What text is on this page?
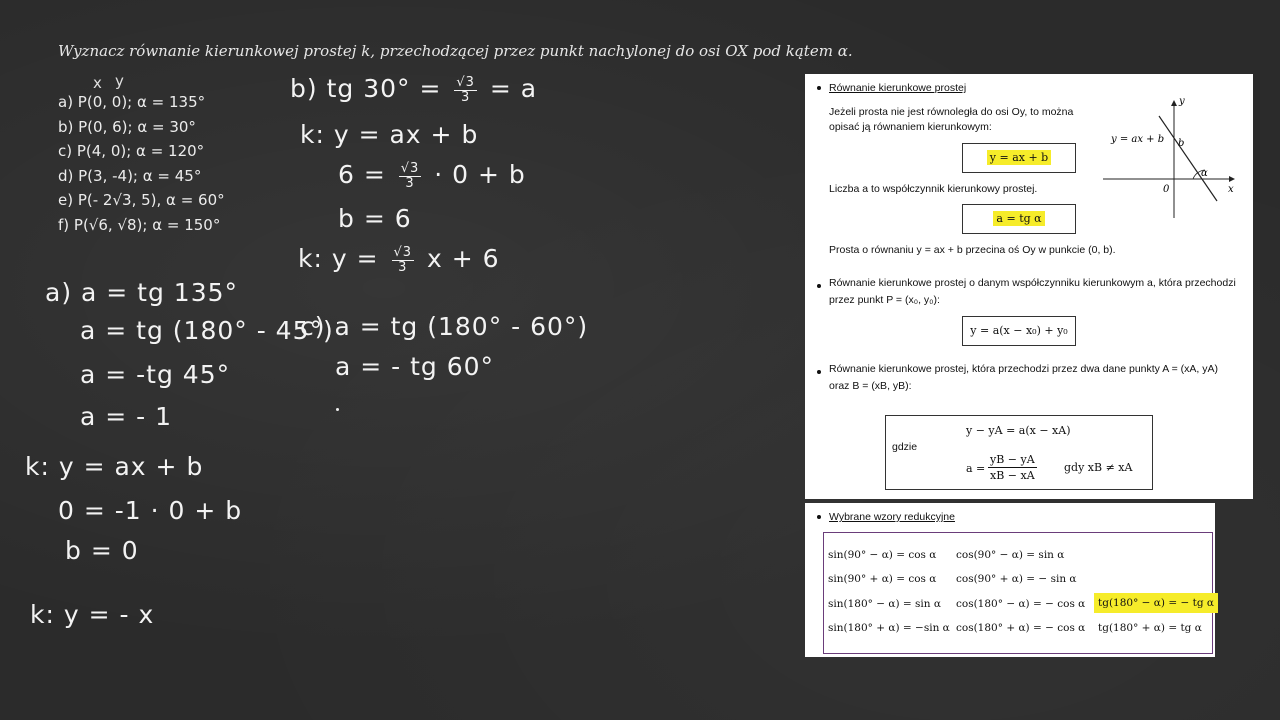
Wyznacz równanie kierunkowej prostej k, przechodzącej przez punkt nachylonej do osi OX pod kątem α.
x y
a) P(0, 0); α = 135°
b) P(0, 6); α = 30°
c) P(4, 0); α = 120°
d) P(3, -4); α = 45°
e) P(- 2√3, 5), α = 60°
f) P(√6, √8); α = 150°
a) a = tg 135°
a = tg (180° - 45°)
a = -tg 45°
a = - 1
k: y = ax + b
0 = -1 · 0 + b
b = 0
k: y = - x
b) tg $30^\circ = \frac{√3}{3} = a$
k: y = ax + b
$6 = \frac{√3}{3} \cdot 0 + b$
b = 6
k: $y = \frac{√3}{3}$ x + 6
c) a = tg (180° - 60°)
a = - tg 60°
Równanie kierunkowe prostej
Jeżeli prosta nie jest równoległa do osi Oy, to można
opisać ją równaniem kierunkowym:
y = ax + b
Liczba a to współczynnik kierunkowy prostej.
a = tg α
Prosta o równaniu y = ax + b przecina oś Oy w punkcie (0, b).
y
x
0
y = ax + b b
α
Równanie kierunkowe prostej o danym współczynniku kierunkowym a, która przechodzi
przez punkt P = (x₀, y₀):
y = a(x − x₀) + y₀
Równanie kierunkowe prostej, która przechodzi przez dwa dane punkty A = (xA, yA)
oraz B = (xB, yB):
y − yA = a(x − xA)
gdzie
$a = \frac{yB - yA}{xB - xA}$ gdy xB ≠ xA
Wybrane wzory redukcyjne
sin(90° − α) = cos α cos(90° − α) = sin α
sin(90° + α) = cos α cos(90° + α) = − sin α
sin(180° − α) = sin α cos(180° − α) = − cos α	tg(180° − α) = − tg α
sin(180° + α) = −sin α cos(180° + α) = − cos α tg(180° + α) = tg α
